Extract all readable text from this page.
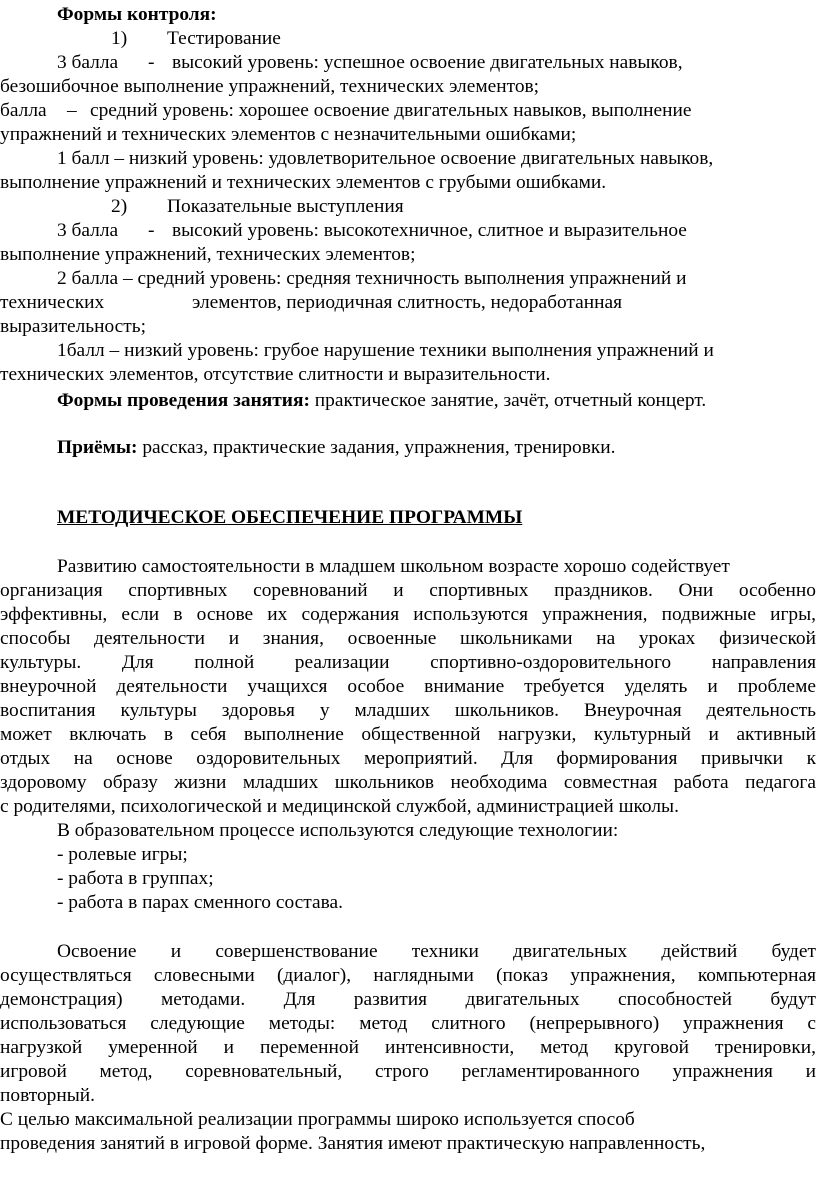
Формы контроля:
1) Тестирование
3 балла - высокий уровень: успешное освоение двигательных навыков,
безошибочное выполнение упражнений, технических элементов;
балла – средний уровень: хорошее освоение двигательных навыков, выполнение
упражнений и технических элементов с незначительными ошибками;
1 балл – низкий уровень: удовлетворительное освоение двигательных навыков,
выполнение упражнений и технических элементов с грубыми ошибками.
2) Показательные выступления
3 балла - высокий уровень: высокотехничное, слитное и выразительное
выполнение упражнений, технических элементов;
2 балла – средний уровень: средняя техничность выполнения упражнений и
технических	элементов, периодичная слитность, недоработанная
выразительность;
1балл – низкий уровень: грубое нарушение техники выполнения упражнений и
технических элементов, отсутствие слитности и выразительности.
Формы проведения занятия: практическое занятие, зачёт, отчетный концерт.
Приёмы: рассказ, практические задания, упражнения, тренировки.
МЕТОДИЧЕСКОЕ ОБЕСПЕЧЕНИЕ ПРОГРАММЫ
Развитию самостоятельности в младшем школьном возрасте хорошо содействует
организация спортивных соревнований и спортивных праздников. Они особенно
эффективны, если в основе их содержания используются упражнения, подвижные игры,
способы деятельности и знания, освоенные школьниками на уроках физической
культуры. Для полной реализации спортивно-оздоровительного направления
внеурочной деятельности учащихся особое внимание требуется уделять и проблеме
воспитания культуры здоровья у младших школьников. Внеурочная деятельность
может включать в себя выполнение общественной нагрузки, культурный и активный
отдых на основе оздоровительных мероприятий. Для формирования привычки к
здоровому образу жизни младших школьников необходима совместная работа педагога
с родителями, психологической и медицинской службой, администрацией школы.
В образовательном процессе используются следующие технологии:
- ролевые игры;
- работа в группах;
- работа в парах сменного состава.
Освоение и совершенствование техники двигательных действий будет
осуществляться словесными (диалог), наглядными (показ упражнения, компьютерная
демонстрация) методами. Для развития двигательных способностей будут
использоваться следующие методы: метод слитного (непрерывного) упражнения с
нагрузкой умеренной и переменной интенсивности, метод круговой тренировки,
игровой метод, соревновательный, строго регламентированного упражнения и
повторный.
С целью максимальной реализации программы широко используется способ
проведения занятий в игровой форме. Занятия имеют практическую направленность,
